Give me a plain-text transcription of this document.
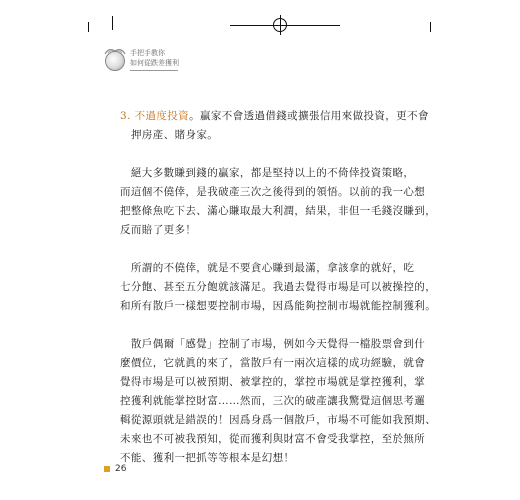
手把手教你
如何從跌差獲利
3. 不過度投資。贏家不會透過借錢或擴張信用來做投資，更不會
押房產、賭身家。
　絕大多數賺到錢的贏家，都是堅持以上的不倚倖投資策略，
而這個不僥倖，是我破產三次之後得到的領悟。以前的我一心想
把整條魚吃下去、滿心賺取最大利潤，結果，非但一毛錢沒賺到，
反而賠了更多！
　所謂的不僥倖，就是不要貪心賺到最滿，拿該拿的就好，吃
七分飽、甚至五分飽就該滿足。我過去覺得市場是可以被操控的，
和所有散戶一樣想要控制市場，因爲能夠控制市場就能控制獲利。
　散戶偶爾「感覺」控制了市場，例如今天覺得一檔股票會到什
麼價位，它就眞的來了，當散戶有一兩次這樣的成功經驗，就會
覺得市場是可以被預期、被掌控的，掌控市場就是掌控獲利，掌
控獲利就能掌控財富……然而，三次的破產讓我驚覺這個思考邏
輯從源頭就是錯誤的！因爲身爲一個散戶，市場不可能如我預期、
未來也不可被我預知，從而獲利與財富不會受我掌控，至於無所
不能、獲利一把抓等等根本是幻想！
26
